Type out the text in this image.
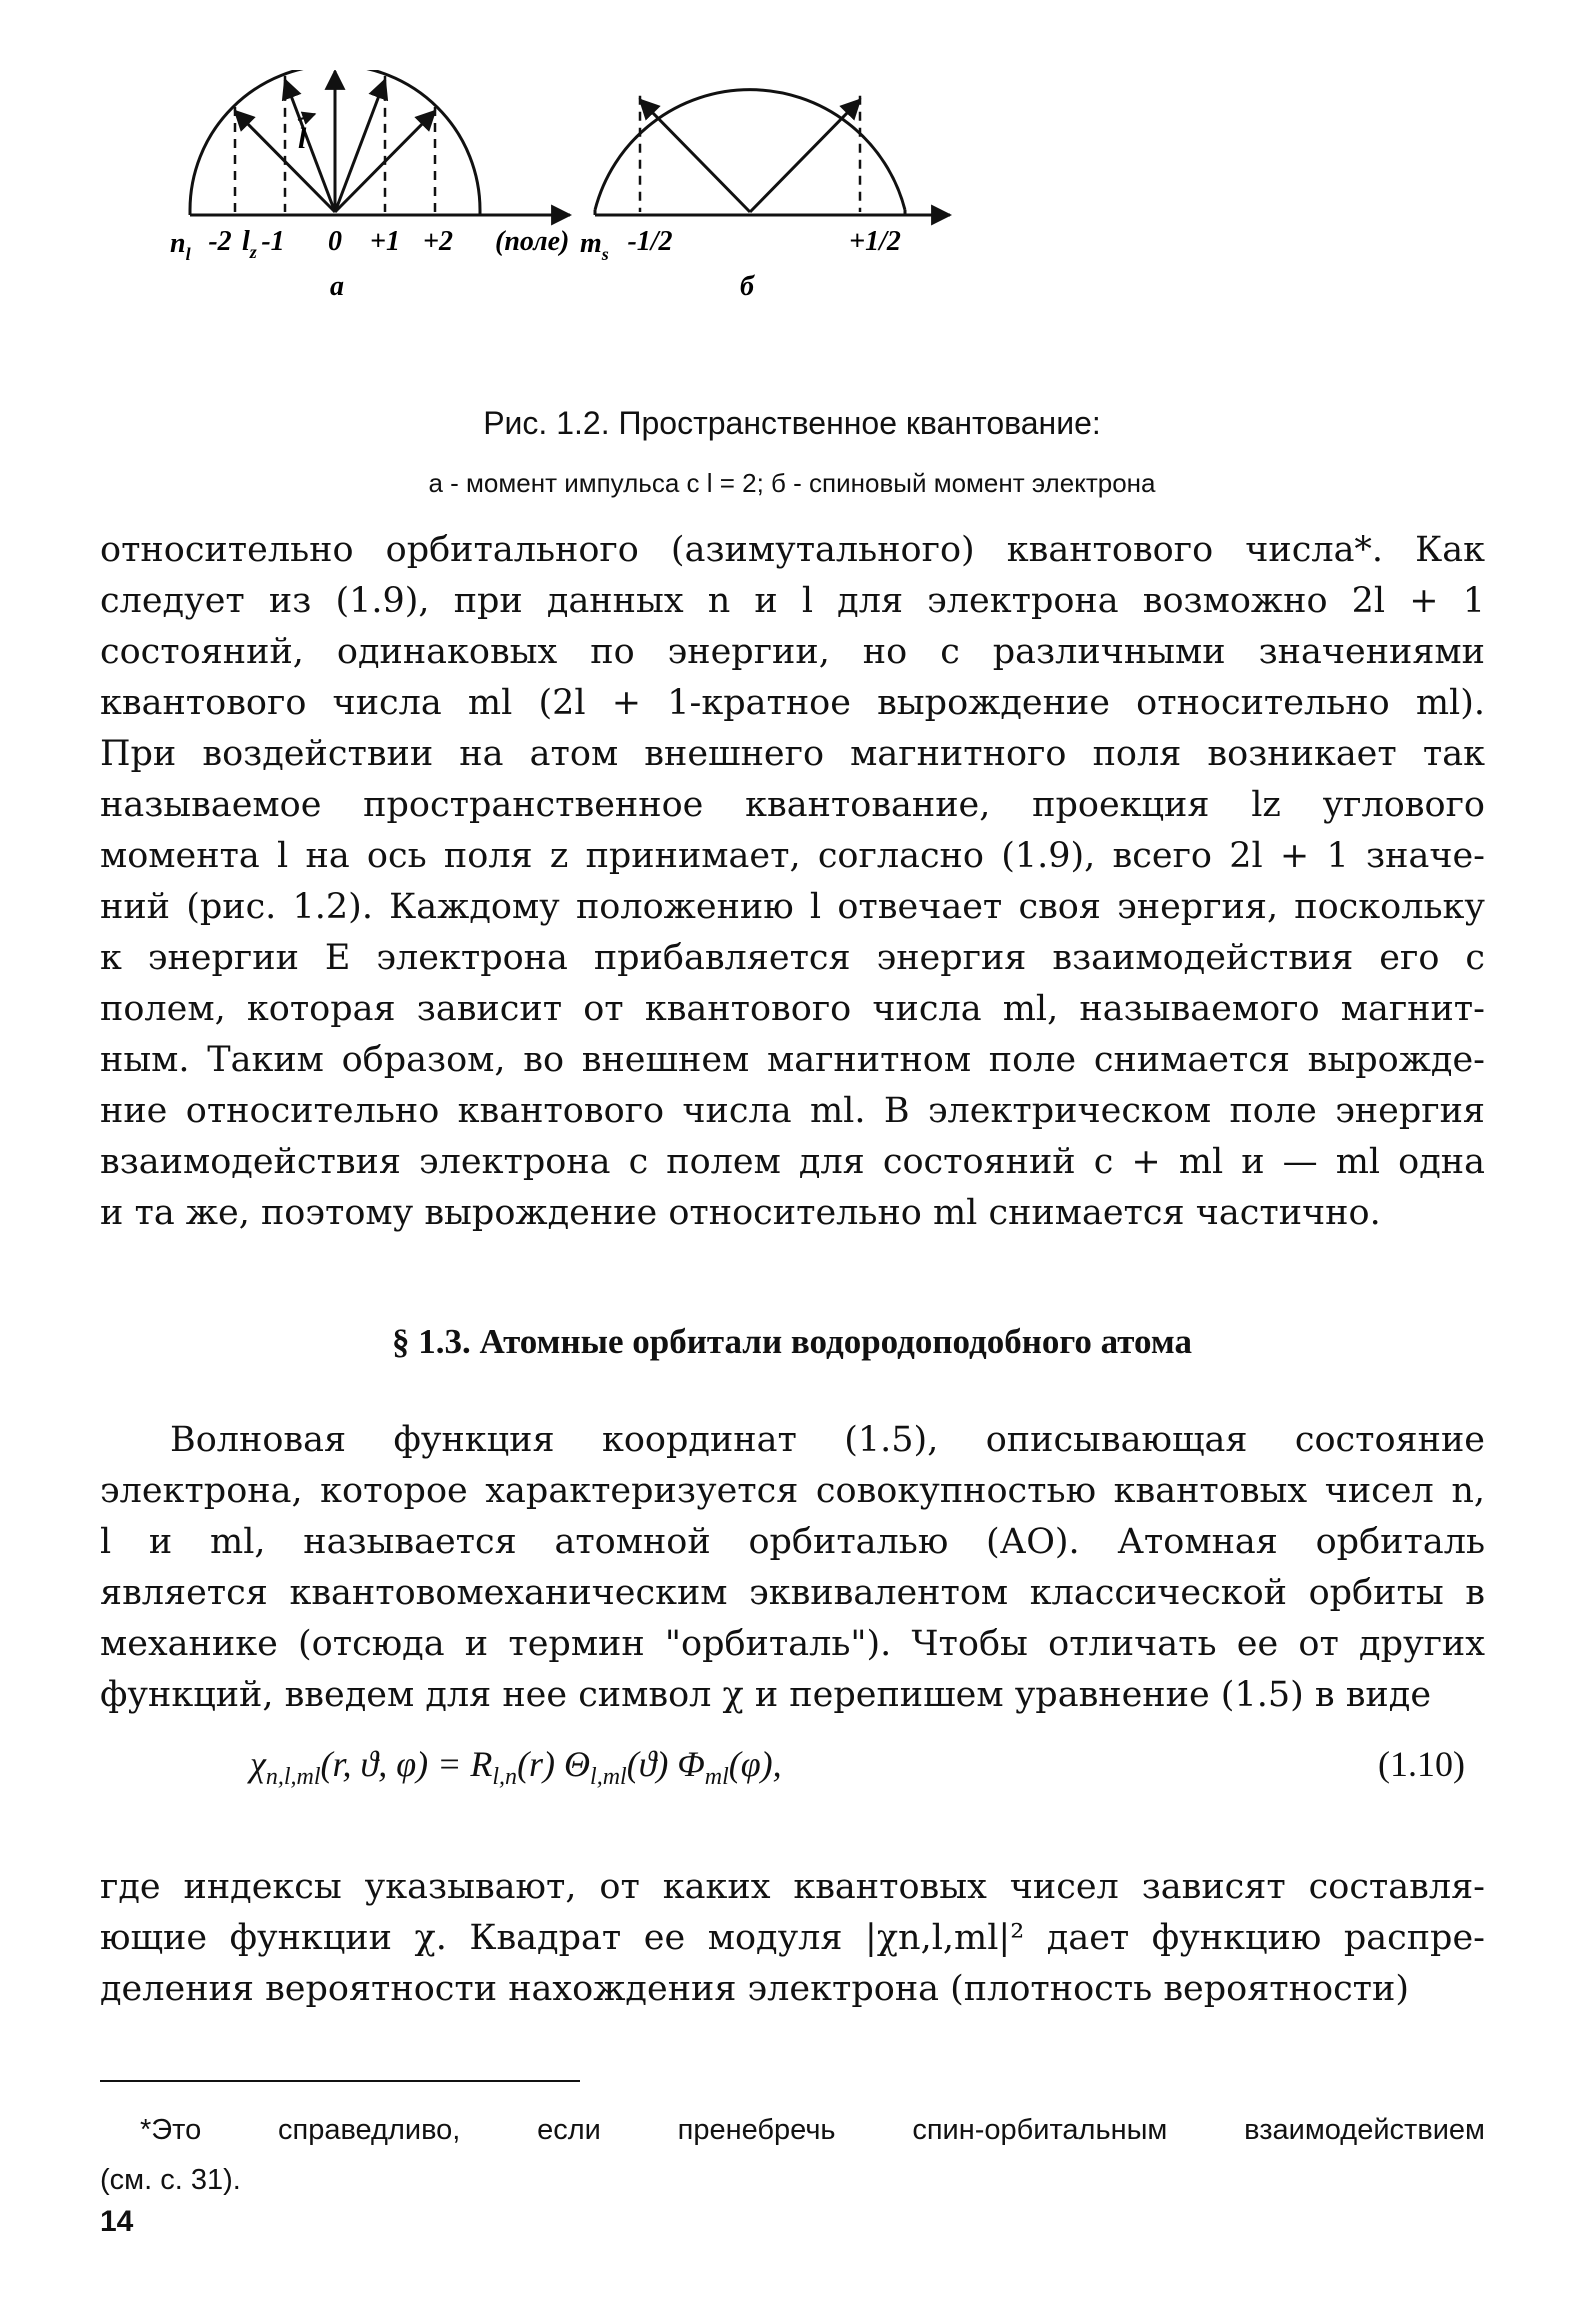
$n_l$ -2 -1 0 +1 +2
$l_z$
l
(поле)
а
$m_s$ -1/2	+1/2
б
Рис. 1.2. Пространственное квантование:
а - момент импульса с l = 2; б - спиновый момент электрона
относительно орбитального (азимутального) квантового числа*. Как
следует из (1.9), при данных n и l для электрона возможно 2l + 1
состояний, одинаковых по энергии, но с различными значениями
квантового числа ml (2l + 1-кратное вырождение относительно ml).
При воздействии на атом внешнего магнитного поля возникает так
называемое пространственное квантование, проекция lz углового
момента l на ось поля z принимает, согласно (1.9), всего 2l + 1 значе-
ний (рис. 1.2). Каждому положению l отвечает своя энергия, поскольку
к энергии E электрона прибавляется энергия взаимодействия его с
полем, которая зависит от квантового числа ml, называемого магнит-
ным. Таким образом, во внешнем магнитном поле снимается вырожде-
ние относительно квантового числа ml. В электрическом поле энергия
взаимодействия электрона с полем для состояний с + ml и — ml одна
и та же, поэтому вырождение относительно ml снимается частично.
§ 1.3. Атомные орбитали водородоподобного атома
Волновая функция координат (1.5), описывающая состояние
электрона, которое характеризуется совокупностью квантовых чисел n,
l и ml, называется атомной орбиталью (АО). Атомная орбиталь
является квантовомеханическим эквивалентом классической орбиты в
механике (отсюда и термин "орбиталь"). Чтобы отличать ее от других
функций, введем для нее символ χ и перепишем уравнение (1.5) в виде
$\chi_{n,l,ml}(r$, ϑ, $\varphi) = R_{l,n}(r)$ $\Theta_{l,ml}(ϑ)$ $\Phi_{ml}(\varphi)$,	(1.10)
где индексы указывают, от каких квантовых чисел зависят составля-
ющие функции χ. Квадрат ее модуля |χn,l,ml|² дает функцию распре-
деления вероятности нахождения электрона (плотность вероятности)
*Это справедливо, если пренебречь спин-орбитальным взаимодействием
(см. с. 31).
14
